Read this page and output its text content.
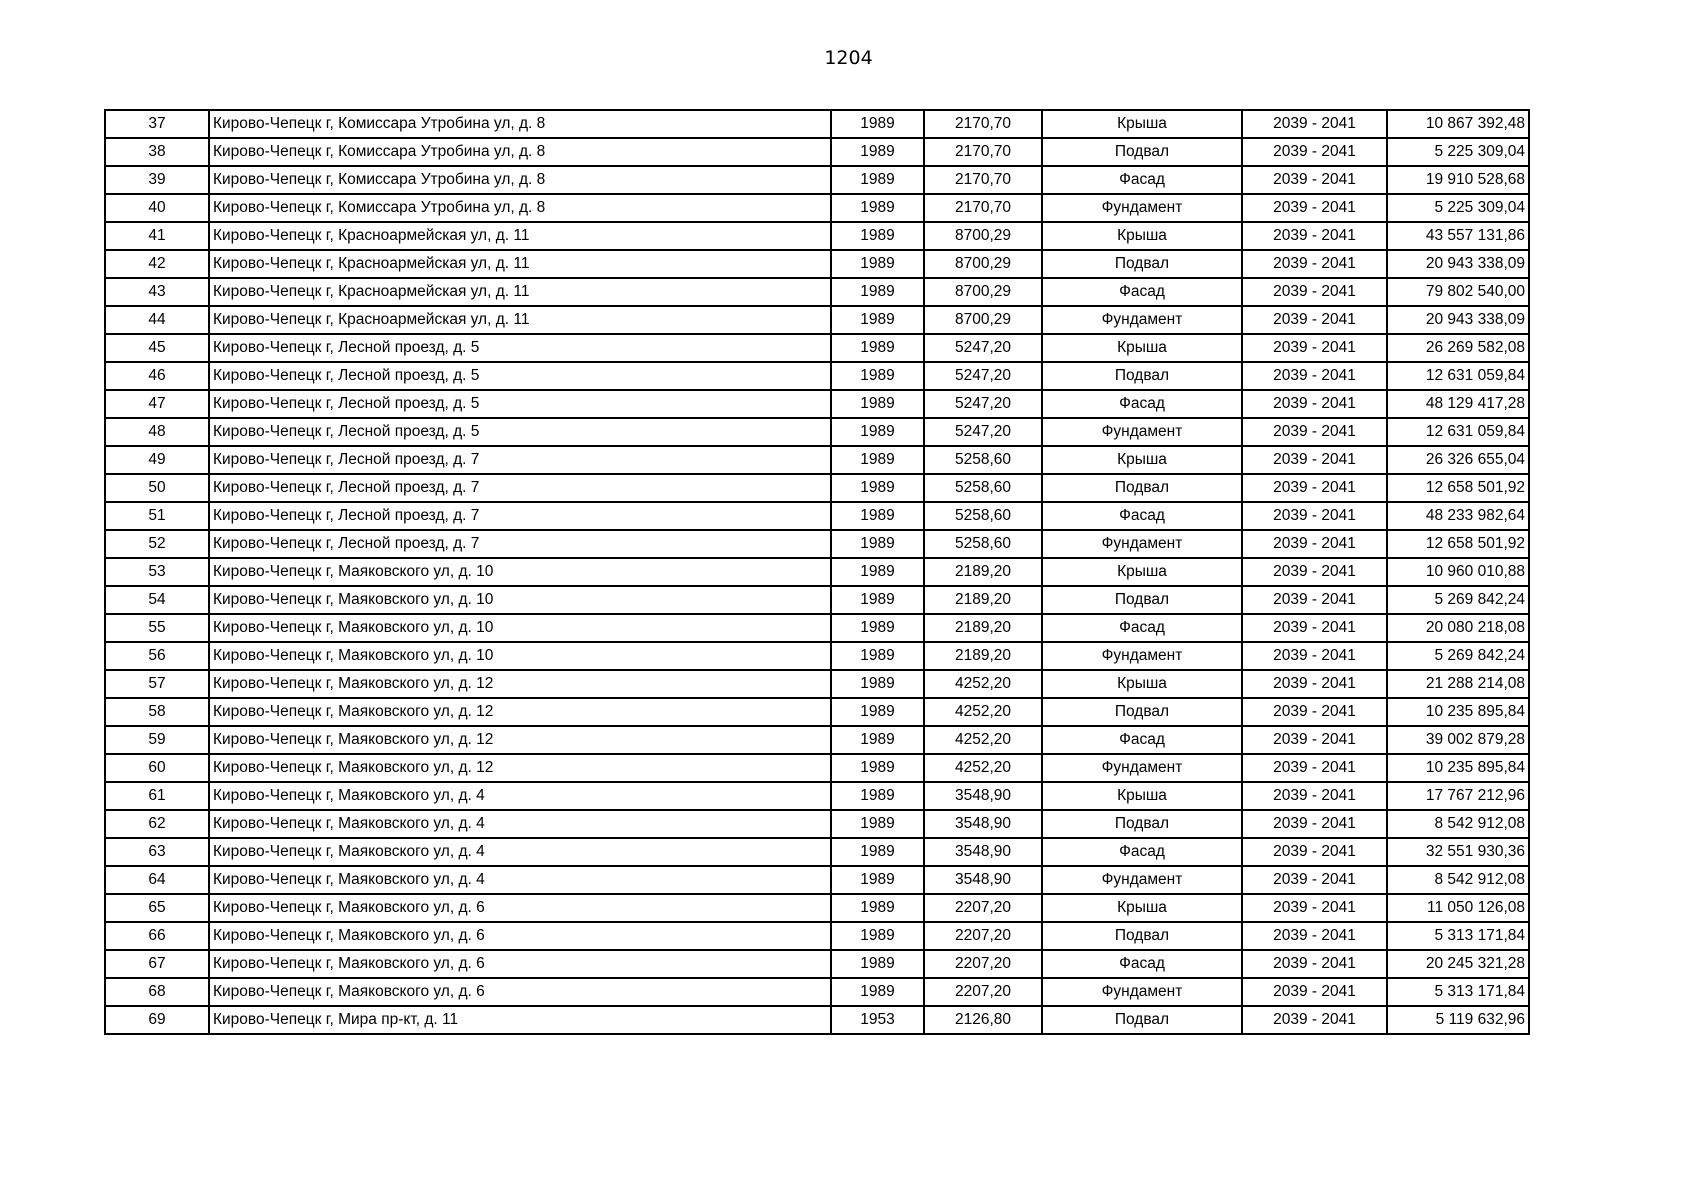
1204
37	Кирово-Чепецк г, Комиссара Утробина ул, д. 8	1989	2170,70	Крыша	2039 - 2041	10 867 392,48
38	Кирово-Чепецк г, Комиссара Утробина ул, д. 8	1989	2170,70	Подвал	2039 - 2041	5 225 309,04
39	Кирово-Чепецк г, Комиссара Утробина ул, д. 8	1989	2170,70	Фасад	2039 - 2041	19 910 528,68
40	Кирово-Чепецк г, Комиссара Утробина ул, д. 8	1989	2170,70	Фундамент	2039 - 2041	5 225 309,04
41	Кирово-Чепецк г, Красноармейская ул, д. 11	1989	8700,29	Крыша	2039 - 2041	43 557 131,86
42	Кирово-Чепецк г, Красноармейская ул, д. 11	1989	8700,29	Подвал	2039 - 2041	20 943 338,09
43	Кирово-Чепецк г, Красноармейская ул, д. 11	1989	8700,29	Фасад	2039 - 2041	79 802 540,00
44	Кирово-Чепецк г, Красноармейская ул, д. 11	1989	8700,29	Фундамент	2039 - 2041	20 943 338,09
45	Кирово-Чепецк г, Лесной проезд, д. 5	1989	5247,20	Крыша	2039 - 2041	26 269 582,08
46	Кирово-Чепецк г, Лесной проезд, д. 5	1989	5247,20	Подвал	2039 - 2041	12 631 059,84
47	Кирово-Чепецк г, Лесной проезд, д. 5	1989	5247,20	Фасад	2039 - 2041	48 129 417,28
48	Кирово-Чепецк г, Лесной проезд, д. 5	1989	5247,20	Фундамент	2039 - 2041	12 631 059,84
49	Кирово-Чепецк г, Лесной проезд, д. 7	1989	5258,60	Крыша	2039 - 2041	26 326 655,04
50	Кирово-Чепецк г, Лесной проезд, д. 7	1989	5258,60	Подвал	2039 - 2041	12 658 501,92
51	Кирово-Чепецк г, Лесной проезд, д. 7	1989	5258,60	Фасад	2039 - 2041	48 233 982,64
52	Кирово-Чепецк г, Лесной проезд, д. 7	1989	5258,60	Фундамент	2039 - 2041	12 658 501,92
53	Кирово-Чепецк г, Маяковского ул, д. 10	1989	2189,20	Крыша	2039 - 2041	10 960 010,88
54	Кирово-Чепецк г, Маяковского ул, д. 10	1989	2189,20	Подвал	2039 - 2041	5 269 842,24
55	Кирово-Чепецк г, Маяковского ул, д. 10	1989	2189,20	Фасад	2039 - 2041	20 080 218,08
56	Кирово-Чепецк г, Маяковского ул, д. 10	1989	2189,20	Фундамент	2039 - 2041	5 269 842,24
57	Кирово-Чепецк г, Маяковского ул, д. 12	1989	4252,20	Крыша	2039 - 2041	21 288 214,08
58	Кирово-Чепецк г, Маяковского ул, д. 12	1989	4252,20	Подвал	2039 - 2041	10 235 895,84
59	Кирово-Чепецк г, Маяковского ул, д. 12	1989	4252,20	Фасад	2039 - 2041	39 002 879,28
60	Кирово-Чепецк г, Маяковского ул, д. 12	1989	4252,20	Фундамент	2039 - 2041	10 235 895,84
61	Кирово-Чепецк г, Маяковского ул, д. 4	1989	3548,90	Крыша	2039 - 2041	17 767 212,96
62	Кирово-Чепецк г, Маяковского ул, д. 4	1989	3548,90	Подвал	2039 - 2041	8 542 912,08
63	Кирово-Чепецк г, Маяковского ул, д. 4	1989	3548,90	Фасад	2039 - 2041	32 551 930,36
64	Кирово-Чепецк г, Маяковского ул, д. 4	1989	3548,90	Фундамент	2039 - 2041	8 542 912,08
65	Кирово-Чепецк г, Маяковского ул, д. 6	1989	2207,20	Крыша	2039 - 2041	11 050 126,08
66	Кирово-Чепецк г, Маяковского ул, д. 6	1989	2207,20	Подвал	2039 - 2041	5 313 171,84
67	Кирово-Чепецк г, Маяковского ул, д. 6	1989	2207,20	Фасад	2039 - 2041	20 245 321,28
68	Кирово-Чепецк г, Маяковского ул, д. 6	1989	2207,20	Фундамент	2039 - 2041	5 313 171,84
69	Кирово-Чепецк г, Мира пр-кт, д. 11	1953	2126,80	Подвал	2039 - 2041	5 119 632,96
